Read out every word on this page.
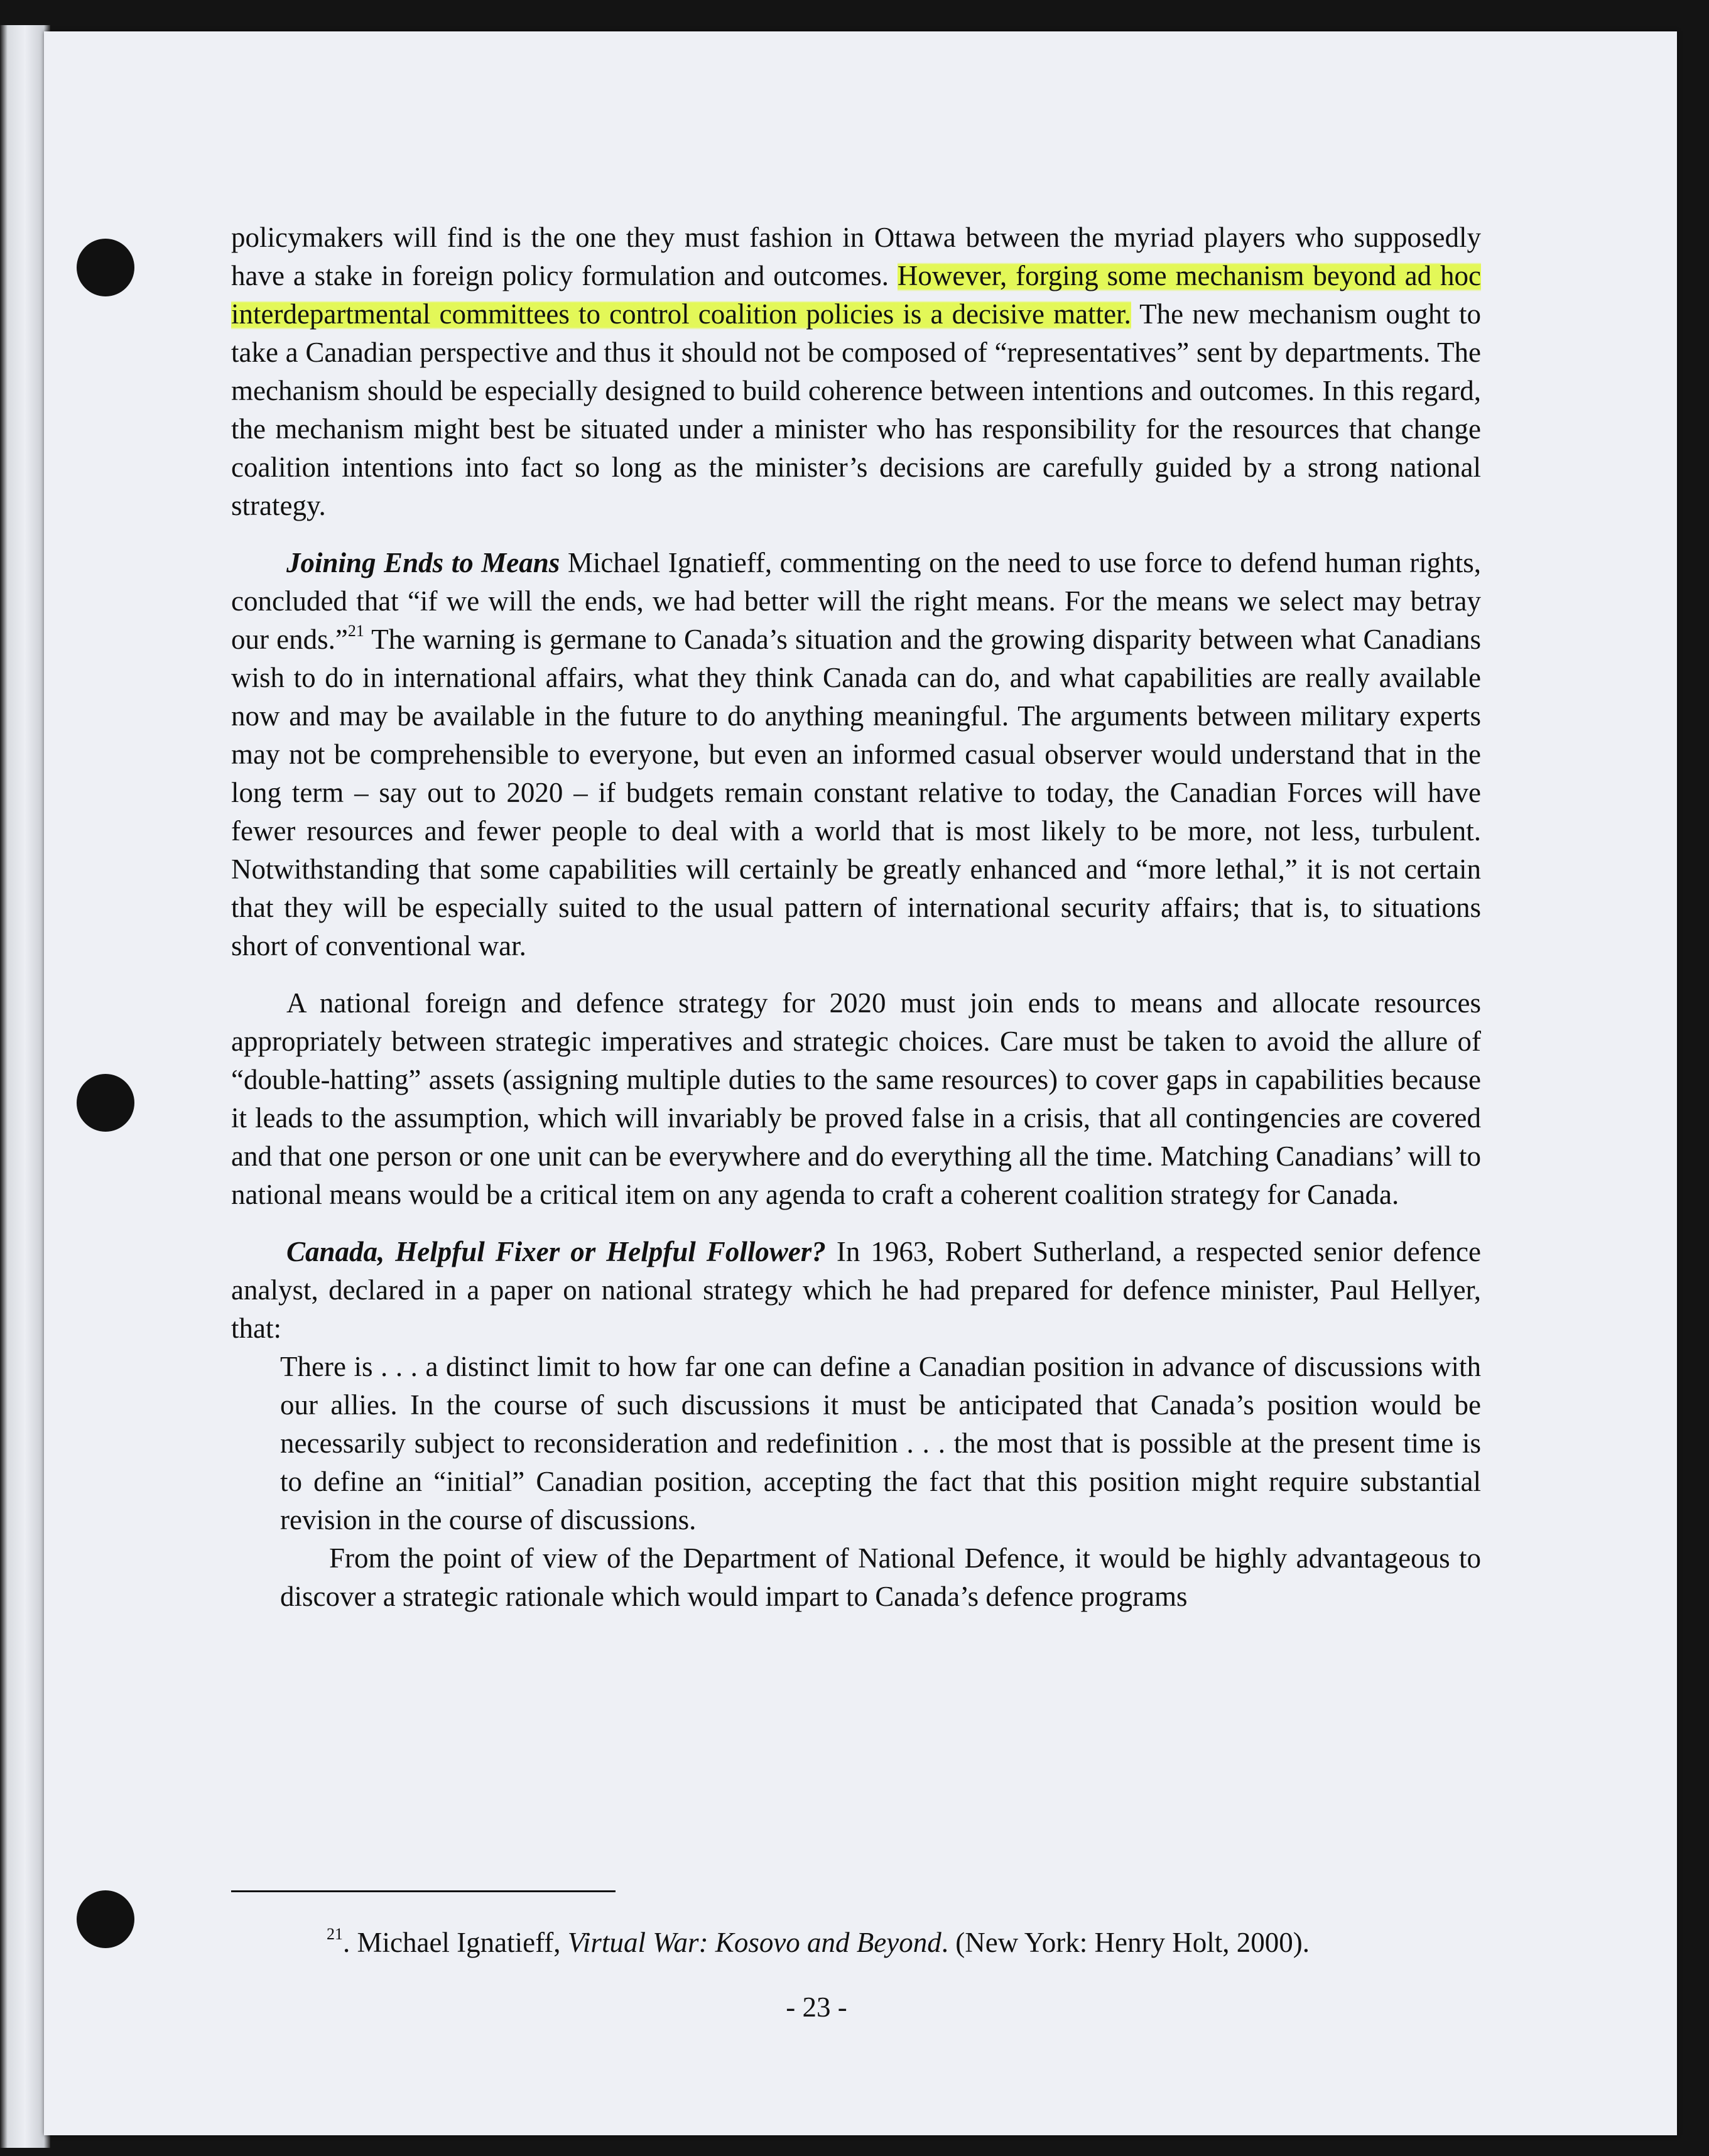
policymakers will find is the one they must fashion in Ottawa between the myriad players who supposedly have a stake in foreign policy formulation and outcomes. However, forging some mechanism beyond ad hoc interdepartmental committees to control coalition policies is a decisive matter. The new mechanism ought to take a Canadian perspective and thus it should not be composed of “representatives” sent by departments. The mechanism should be especially designed to build coherence between intentions and outcomes. In this regard, the mechanism might best be situated under a minister who has responsibility for the resources that change coalition intentions into fact so long as the minister’s decisions are carefully guided by a strong national strategy.

Joining Ends to Means Michael Ignatieff, commenting on the need to use force to defend human rights, concluded that “if we will the ends, we had better will the right means. For the means we select may betray our ends.”$^{21}$ The warning is germane to Canada’s situation and the growing disparity between what Canadians wish to do in international affairs, what they think Canada can do, and what capabilities are really available now and may be available in the future to do anything meaningful. The arguments between military experts may not be comprehensible to everyone, but even an informed casual observer would understand that in the long term – say out to 2020 – if budgets remain constant relative to today, the Canadian Forces will have fewer resources and fewer people to deal with a world that is most likely to be more, not less, turbulent. Notwithstanding that some capabilities will certainly be greatly enhanced and “more lethal,” it is not certain that they will be especially suited to the usual pattern of international security affairs; that is, to situations short of conventional war.

A national foreign and defence strategy for 2020 must join ends to means and allocate resources appropriately between strategic imperatives and strategic choices. Care must be taken to avoid the allure of “double-hatting” assets (assigning multiple duties to the same resources) to cover gaps in capabilities because it leads to the assumption, which will invariably be proved false in a crisis, that all contingencies are covered and that one person or one unit can be everywhere and do everything all the time. Matching Canadians’ will to national means would be a critical item on any agenda to craft a coherent coalition strategy for Canada.

Canada, Helpful Fixer or Helpful Follower? In 1963, Robert Sutherland, a respected senior defence analyst, declared in a paper on national strategy which he had prepared for defence minister, Paul Hellyer, that:

There is . . . a distinct limit to how far one can define a Canadian position in advance of discussions with our allies. In the course of such discussions it must be anticipated that Canada’s position would be necessarily subject to reconsideration and redefinition . . . the most that is possible at the present time is to define an “initial” Canadian position, accepting the fact that this position might require substantial revision in the course of discussions.

From the point of view of the Department of National Defence, it would be highly advantageous to discover a strategic rationale which would impart to Canada’s defence programs

$^{21}$. Michael Ignatieff, Virtual War: Kosovo and Beyond. (New York: Henry Holt, 2000).
- 23 -
